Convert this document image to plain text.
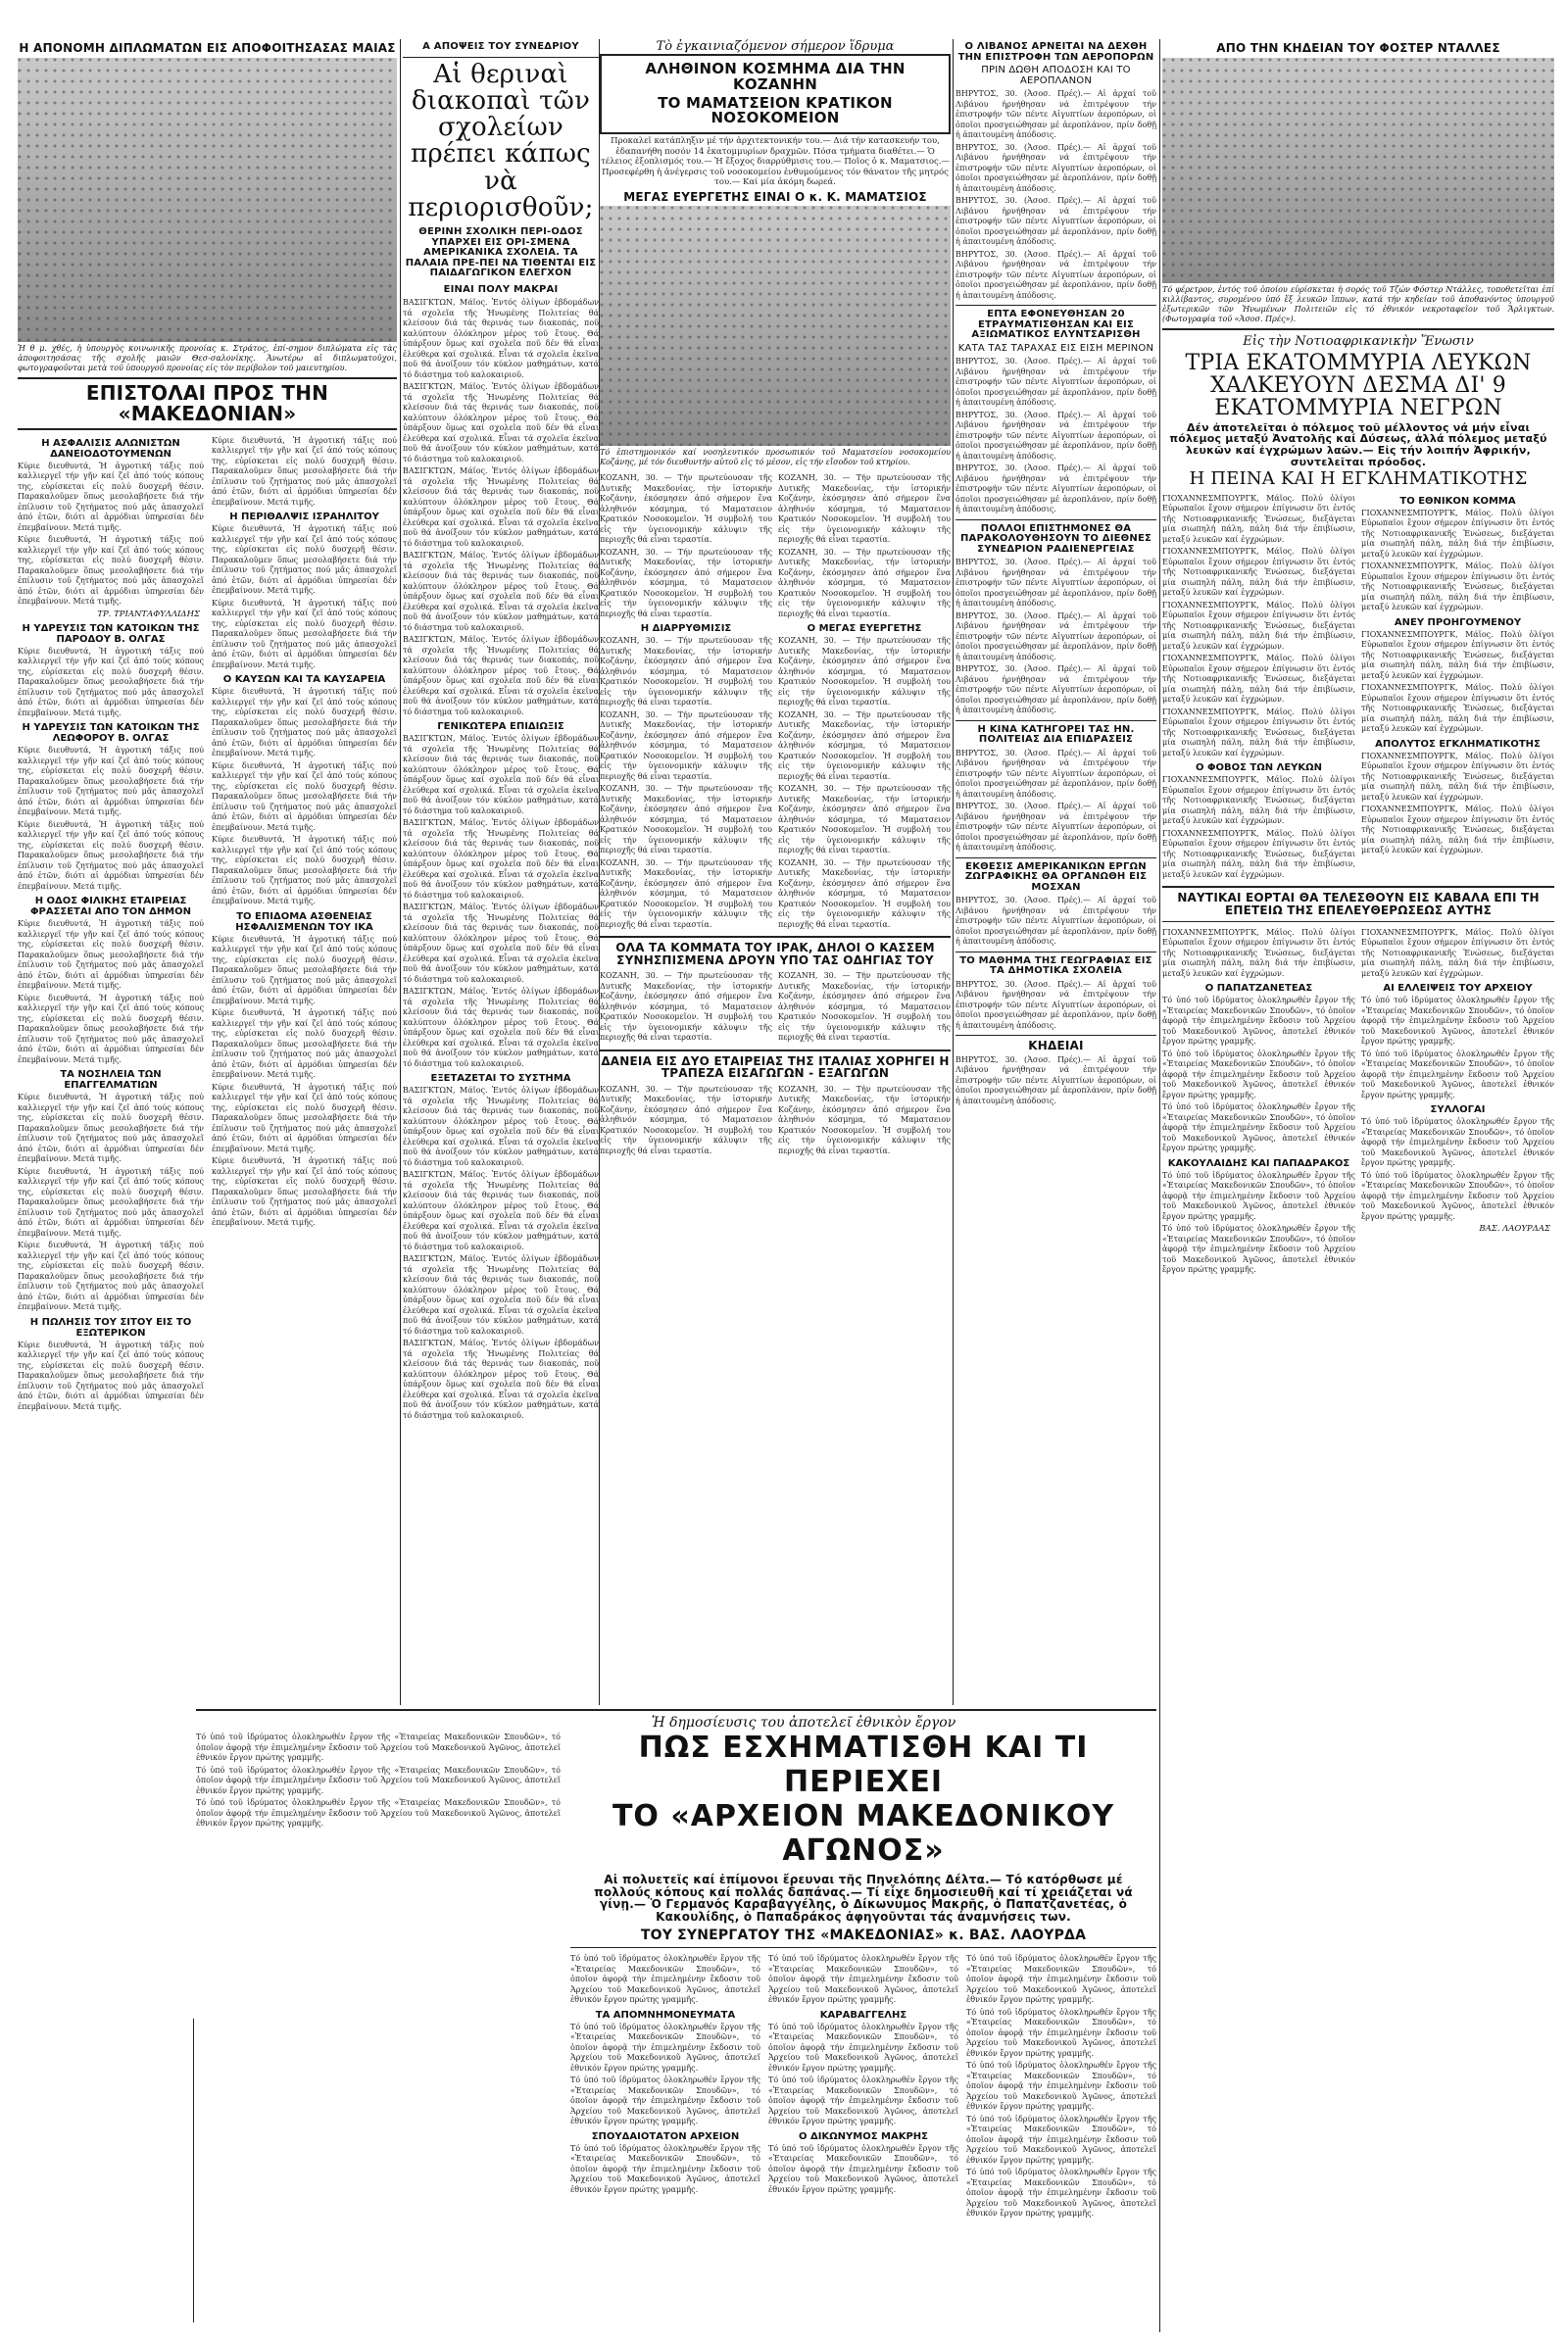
Η ΑΠΟΝΟΜΗ ΔΙΠΛΩΜΑΤΩΝ ΕΙΣ ΑΠΟΦΟΙΤΗΣΑΣΑΣ ΜΑΙΑΣ
Ἡ θ μ. χθές, ἡ ὑπουργὸς κοινωνικῆς προνοίας κ. Στράτος, ἐπί-σημον διπλώματα εἰς τὰς ἀποφοιτησάσας τῆς σχολῆς μαιῶν Θεσ-σαλονίκης. Ἀνωτέρω αἱ διπλωματοῦχοι, φωτογραφοῦνται μετὰ τοῦ ὑπουργοῦ προνοίας εἰς τὸν περίβολον τοῦ μαιευτηρίου.
ΕΠΙΣΤΟΛΑΙ ΠΡΟΣ ΤΗΝ «ΜΑΚΕΔΟΝΙΑΝ»
Η ΑΣΦΑΛΙΣΙΣ ΑΛΩΝΙΣΤΩΝ ΔΑΝΕΙΟΔΟΤΟΥΜΕΝΩΝ
Κύριε διευθυντά, Ἡ ἀγροτική τάξις πού καλλιεργεῖ τήν γῆν καί ζεῖ ἀπό τούς κόπους της, εὐρίσκεται εἰς πολύ δυσχερῆ θέσιν. Παρακαλοῦμεν ὅπως μεσολαβήσετε διά τήν ἐπίλυσιν τοῦ ζητήματος πού μᾶς ἀπασχολεῖ ἀπό ἐτῶν, διότι αἱ ἁρμόδιαι ὑπηρεσίαι δέν ἐπεμβαίνουν. Μετά τιμῆς.
Κύριε διευθυντά, Ἡ ἀγροτική τάξις πού καλλιεργεῖ τήν γῆν καί ζεῖ ἀπό τούς κόπους της, εὐρίσκεται εἰς πολύ δυσχερῆ θέσιν. Παρακαλοῦμεν ὅπως μεσολαβήσετε διά τήν ἐπίλυσιν τοῦ ζητήματος πού μᾶς ἀπασχολεῖ ἀπό ἐτῶν, διότι αἱ ἁρμόδιαι ὑπηρεσίαι δέν ἐπεμβαίνουν. Μετά τιμῆς.
ΤΡ. ΤΡΙΑΝΤΑΦΥΛΛΙΔΗΣ
Η ΥΔΡΕΥΣΙΣ ΤΩΝ ΚΑΤΟΙΚΩΝ ΤΗΣ ΠΑΡΟΔΟΥ Β. ΟΛΓΑΣ
Κύριε διευθυντά, Ἡ ἀγροτική τάξις πού καλλιεργεῖ τήν γῆν καί ζεῖ ἀπό τούς κόπους της, εὐρίσκεται εἰς πολύ δυσχερῆ θέσιν. Παρακαλοῦμεν ὅπως μεσολαβήσετε διά τήν ἐπίλυσιν τοῦ ζητήματος πού μᾶς ἀπασχολεῖ ἀπό ἐτῶν, διότι αἱ ἁρμόδιαι ὑπηρεσίαι δέν ἐπεμβαίνουν. Μετά τιμῆς.
Η ΥΔΡΕΥΣΙΣ ΤΩΝ ΚΑΤΟΙΚΩΝ ΤΗΣ ΛΕΩΦΟΡΟΥ Β. ΟΛΓΑΣ
Κύριε διευθυντά, Ἡ ἀγροτική τάξις πού καλλιεργεῖ τήν γῆν καί ζεῖ ἀπό τούς κόπους της, εὐρίσκεται εἰς πολύ δυσχερῆ θέσιν. Παρακαλοῦμεν ὅπως μεσολαβήσετε διά τήν ἐπίλυσιν τοῦ ζητήματος πού μᾶς ἀπασχολεῖ ἀπό ἐτῶν, διότι αἱ ἁρμόδιαι ὑπηρεσίαι δέν ἐπεμβαίνουν. Μετά τιμῆς.
Κύριε διευθυντά, Ἡ ἀγροτική τάξις πού καλλιεργεῖ τήν γῆν καί ζεῖ ἀπό τούς κόπους της, εὐρίσκεται εἰς πολύ δυσχερῆ θέσιν. Παρακαλοῦμεν ὅπως μεσολαβήσετε διά τήν ἐπίλυσιν τοῦ ζητήματος πού μᾶς ἀπασχολεῖ ἀπό ἐτῶν, διότι αἱ ἁρμόδιαι ὑπηρεσίαι δέν ἐπεμβαίνουν. Μετά τιμῆς.
Η ΟΔΟΣ ΦΙΛΙΚΗΣ ΕΤΑΙΡΕΙΑΣ ΦΡΑΣΣΕΤΑΙ ΑΠΟ ΤΟΝ ΔΗΜΟΝ
Κύριε διευθυντά, Ἡ ἀγροτική τάξις πού καλλιεργεῖ τήν γῆν καί ζεῖ ἀπό τούς κόπους της, εὐρίσκεται εἰς πολύ δυσχερῆ θέσιν. Παρακαλοῦμεν ὅπως μεσολαβήσετε διά τήν ἐπίλυσιν τοῦ ζητήματος πού μᾶς ἀπασχολεῖ ἀπό ἐτῶν, διότι αἱ ἁρμόδιαι ὑπηρεσίαι δέν ἐπεμβαίνουν. Μετά τιμῆς.
Κύριε διευθυντά, Ἡ ἀγροτική τάξις πού καλλιεργεῖ τήν γῆν καί ζεῖ ἀπό τούς κόπους της, εὐρίσκεται εἰς πολύ δυσχερῆ θέσιν. Παρακαλοῦμεν ὅπως μεσολαβήσετε διά τήν ἐπίλυσιν τοῦ ζητήματος πού μᾶς ἀπασχολεῖ ἀπό ἐτῶν, διότι αἱ ἁρμόδιαι ὑπηρεσίαι δέν ἐπεμβαίνουν. Μετά τιμῆς.
ΤΑ ΝΟΣΗΛΕΙΑ ΤΩΝ ΕΠΑΓΓΕΛΜΑΤΙΩΝ
Κύριε διευθυντά, Ἡ ἀγροτική τάξις πού καλλιεργεῖ τήν γῆν καί ζεῖ ἀπό τούς κόπους της, εὐρίσκεται εἰς πολύ δυσχερῆ θέσιν. Παρακαλοῦμεν ὅπως μεσολαβήσετε διά τήν ἐπίλυσιν τοῦ ζητήματος πού μᾶς ἀπασχολεῖ ἀπό ἐτῶν, διότι αἱ ἁρμόδιαι ὑπηρεσίαι δέν ἐπεμβαίνουν. Μετά τιμῆς.
Κύριε διευθυντά, Ἡ ἀγροτική τάξις πού καλλιεργεῖ τήν γῆν καί ζεῖ ἀπό τούς κόπους της, εὐρίσκεται εἰς πολύ δυσχερῆ θέσιν. Παρακαλοῦμεν ὅπως μεσολαβήσετε διά τήν ἐπίλυσιν τοῦ ζητήματος πού μᾶς ἀπασχολεῖ ἀπό ἐτῶν, διότι αἱ ἁρμόδιαι ὑπηρεσίαι δέν ἐπεμβαίνουν. Μετά τιμῆς.
Κύριε διευθυντά, Ἡ ἀγροτική τάξις πού καλλιεργεῖ τήν γῆν καί ζεῖ ἀπό τούς κόπους της, εὐρίσκεται εἰς πολύ δυσχερῆ θέσιν. Παρακαλοῦμεν ὅπως μεσολαβήσετε διά τήν ἐπίλυσιν τοῦ ζητήματος πού μᾶς ἀπασχολεῖ ἀπό ἐτῶν, διότι αἱ ἁρμόδιαι ὑπηρεσίαι δέν ἐπεμβαίνουν. Μετά τιμῆς.
Η ΠΩΛΗΣΙΣ ΤΟΥ ΣΙΤΟΥ ΕΙΣ ΤΟ ΕΞΩΤΕΡΙΚΟΝ
Κύριε διευθυντά, Ἡ ἀγροτική τάξις πού καλλιεργεῖ τήν γῆν καί ζεῖ ἀπό τούς κόπους της, εὐρίσκεται εἰς πολύ δυσχερῆ θέσιν. Παρακαλοῦμεν ὅπως μεσολαβήσετε διά τήν ἐπίλυσιν τοῦ ζητήματος πού μᾶς ἀπασχολεῖ ἀπό ἐτῶν, διότι αἱ ἁρμόδιαι ὑπηρεσίαι δέν ἐπεμβαίνουν. Μετά τιμῆς.
Κύριε διευθυντά, Ἡ ἀγροτική τάξις πού καλλιεργεῖ τήν γῆν καί ζεῖ ἀπό τούς κόπους της, εὐρίσκεται εἰς πολύ δυσχερῆ θέσιν. Παρακαλοῦμεν ὅπως μεσολαβήσετε διά τήν ἐπίλυσιν τοῦ ζητήματος πού μᾶς ἀπασχολεῖ ἀπό ἐτῶν, διότι αἱ ἁρμόδιαι ὑπηρεσίαι δέν ἐπεμβαίνουν. Μετά τιμῆς.
Η ΠΕΡΙΘΑΛΨΙΣ ΙΣΡΑΗΛΙΤΟΥ
Κύριε διευθυντά, Ἡ ἀγροτική τάξις πού καλλιεργεῖ τήν γῆν καί ζεῖ ἀπό τούς κόπους της, εὐρίσκεται εἰς πολύ δυσχερῆ θέσιν. Παρακαλοῦμεν ὅπως μεσολαβήσετε διά τήν ἐπίλυσιν τοῦ ζητήματος πού μᾶς ἀπασχολεῖ ἀπό ἐτῶν, διότι αἱ ἁρμόδιαι ὑπηρεσίαι δέν ἐπεμβαίνουν. Μετά τιμῆς.
Κύριε διευθυντά, Ἡ ἀγροτική τάξις πού καλλιεργεῖ τήν γῆν καί ζεῖ ἀπό τούς κόπους της, εὐρίσκεται εἰς πολύ δυσχερῆ θέσιν. Παρακαλοῦμεν ὅπως μεσολαβήσετε διά τήν ἐπίλυσιν τοῦ ζητήματος πού μᾶς ἀπασχολεῖ ἀπό ἐτῶν, διότι αἱ ἁρμόδιαι ὑπηρεσίαι δέν ἐπεμβαίνουν. Μετά τιμῆς.
Ο ΚΑΥΣΩΝ ΚΑΙ ΤΑ ΚΑΥΣΑΡΕΙΑ
Κύριε διευθυντά, Ἡ ἀγροτική τάξις πού καλλιεργεῖ τήν γῆν καί ζεῖ ἀπό τούς κόπους της, εὐρίσκεται εἰς πολύ δυσχερῆ θέσιν. Παρακαλοῦμεν ὅπως μεσολαβήσετε διά τήν ἐπίλυσιν τοῦ ζητήματος πού μᾶς ἀπασχολεῖ ἀπό ἐτῶν, διότι αἱ ἁρμόδιαι ὑπηρεσίαι δέν ἐπεμβαίνουν. Μετά τιμῆς.
Κύριε διευθυντά, Ἡ ἀγροτική τάξις πού καλλιεργεῖ τήν γῆν καί ζεῖ ἀπό τούς κόπους της, εὐρίσκεται εἰς πολύ δυσχερῆ θέσιν. Παρακαλοῦμεν ὅπως μεσολαβήσετε διά τήν ἐπίλυσιν τοῦ ζητήματος πού μᾶς ἀπασχολεῖ ἀπό ἐτῶν, διότι αἱ ἁρμόδιαι ὑπηρεσίαι δέν ἐπεμβαίνουν. Μετά τιμῆς.
Κύριε διευθυντά, Ἡ ἀγροτική τάξις πού καλλιεργεῖ τήν γῆν καί ζεῖ ἀπό τούς κόπους της, εὐρίσκεται εἰς πολύ δυσχερῆ θέσιν. Παρακαλοῦμεν ὅπως μεσολαβήσετε διά τήν ἐπίλυσιν τοῦ ζητήματος πού μᾶς ἀπασχολεῖ ἀπό ἐτῶν, διότι αἱ ἁρμόδιαι ὑπηρεσίαι δέν ἐπεμβαίνουν. Μετά τιμῆς.
ΤΟ ΕΠΙΔΟΜΑ ΑΣΘΕΝΕΙΑΣ ΗΣΦΑΛΙΣΜΕΝΩΝ ΤΟΥ ΙΚΑ
Κύριε διευθυντά, Ἡ ἀγροτική τάξις πού καλλιεργεῖ τήν γῆν καί ζεῖ ἀπό τούς κόπους της, εὐρίσκεται εἰς πολύ δυσχερῆ θέσιν. Παρακαλοῦμεν ὅπως μεσολαβήσετε διά τήν ἐπίλυσιν τοῦ ζητήματος πού μᾶς ἀπασχολεῖ ἀπό ἐτῶν, διότι αἱ ἁρμόδιαι ὑπηρεσίαι δέν ἐπεμβαίνουν. Μετά τιμῆς.
Κύριε διευθυντά, Ἡ ἀγροτική τάξις πού καλλιεργεῖ τήν γῆν καί ζεῖ ἀπό τούς κόπους της, εὐρίσκεται εἰς πολύ δυσχερῆ θέσιν. Παρακαλοῦμεν ὅπως μεσολαβήσετε διά τήν ἐπίλυσιν τοῦ ζητήματος πού μᾶς ἀπασχολεῖ ἀπό ἐτῶν, διότι αἱ ἁρμόδιαι ὑπηρεσίαι δέν ἐπεμβαίνουν. Μετά τιμῆς.
Κύριε διευθυντά, Ἡ ἀγροτική τάξις πού καλλιεργεῖ τήν γῆν καί ζεῖ ἀπό τούς κόπους της, εὐρίσκεται εἰς πολύ δυσχερῆ θέσιν. Παρακαλοῦμεν ὅπως μεσολαβήσετε διά τήν ἐπίλυσιν τοῦ ζητήματος πού μᾶς ἀπασχολεῖ ἀπό ἐτῶν, διότι αἱ ἁρμόδιαι ὑπηρεσίαι δέν ἐπεμβαίνουν. Μετά τιμῆς.
Κύριε διευθυντά, Ἡ ἀγροτική τάξις πού καλλιεργεῖ τήν γῆν καί ζεῖ ἀπό τούς κόπους της, εὐρίσκεται εἰς πολύ δυσχερῆ θέσιν. Παρακαλοῦμεν ὅπως μεσολαβήσετε διά τήν ἐπίλυσιν τοῦ ζητήματος πού μᾶς ἀπασχολεῖ ἀπό ἐτῶν, διότι αἱ ἁρμόδιαι ὑπηρεσίαι δέν ἐπεμβαίνουν. Μετά τιμῆς.
Α ΑΠΟΨΕΙΣ ΤΟΥ ΣΥΝΕΔΡΙΟΥ
Αἱ θεριναὶ διακοπαὶ τῶν σχολείων πρέπει κάπως νὰ περιορισθοῦν;
ΘΕΡΙΝΗ ΣΧΟΛΙΚΗ ΠΕΡΙ-ΟΔΟΣ ΥΠΑΡΧΕΙ ΕΙΣ ΟΡΙ-ΣΜΕΝΑ ΑΜΕΡΙΚΑΝΙΚΑ ΣΧΟΛΕΙΑ. ΤΑ ΠΑΛΑΙΑ ΠΡΕ-ΠΕΙ ΝΑ ΤΙΘΕΝΤΑΙ ΕΙΣ ΠΑΙΔΑΓΩΓΙΚΟΝ ΕΛΕΓΧΟΝ
ΕΙΝΑΙ ΠΟΛΥ ΜΑΚΡΑΙ
ΒΑΣΙΓΚΤΩΝ, Μάϊος. Ἐντός ὀλίγων ἑβδομάδων τά σχολεῖα τῆς Ἡνωμένης Πολιτείας θά κλείσουν διά τάς θερινάς των διακοπάς, ποῦ καλύπτουν ὀλόκληρον μέρος τοῦ ἔτους. Θά ὑπάρξουν ὅμως καί σχολεῖα ποῦ δέν θά εἶναι ἐλεύθερα καί σχολικά. Εἶναι τά σχολεῖα ἐκεῖνα ποῦ θά ἀνοίξουν τόν κύκλον μαθημάτων, κατά τό διάστημα τοῦ καλοκαιριοῦ.
ΒΑΣΙΓΚΤΩΝ, Μάϊος. Ἐντός ὀλίγων ἑβδομάδων τά σχολεῖα τῆς Ἡνωμένης Πολιτείας θά κλείσουν διά τάς θερινάς των διακοπάς, ποῦ καλύπτουν ὀλόκληρον μέρος τοῦ ἔτους. Θά ὑπάρξουν ὅμως καί σχολεῖα ποῦ δέν θά εἶναι ἐλεύθερα καί σχολικά. Εἶναι τά σχολεῖα ἐκεῖνα ποῦ θά ἀνοίξουν τόν κύκλον μαθημάτων, κατά τό διάστημα τοῦ καλοκαιριοῦ.
ΒΑΣΙΓΚΤΩΝ, Μάϊος. Ἐντός ὀλίγων ἑβδομάδων τά σχολεῖα τῆς Ἡνωμένης Πολιτείας θά κλείσουν διά τάς θερινάς των διακοπάς, ποῦ καλύπτουν ὀλόκληρον μέρος τοῦ ἔτους. Θά ὑπάρξουν ὅμως καί σχολεῖα ποῦ δέν θά εἶναι ἐλεύθερα καί σχολικά. Εἶναι τά σχολεῖα ἐκεῖνα ποῦ θά ἀνοίξουν τόν κύκλον μαθημάτων, κατά τό διάστημα τοῦ καλοκαιριοῦ.
ΒΑΣΙΓΚΤΩΝ, Μάϊος. Ἐντός ὀλίγων ἑβδομάδων τά σχολεῖα τῆς Ἡνωμένης Πολιτείας θά κλείσουν διά τάς θερινάς των διακοπάς, ποῦ καλύπτουν ὀλόκληρον μέρος τοῦ ἔτους. Θά ὑπάρξουν ὅμως καί σχολεῖα ποῦ δέν θά εἶναι ἐλεύθερα καί σχολικά. Εἶναι τά σχολεῖα ἐκεῖνα ποῦ θά ἀνοίξουν τόν κύκλον μαθημάτων, κατά τό διάστημα τοῦ καλοκαιριοῦ.
ΒΑΣΙΓΚΤΩΝ, Μάϊος. Ἐντός ὀλίγων ἑβδομάδων τά σχολεῖα τῆς Ἡνωμένης Πολιτείας θά κλείσουν διά τάς θερινάς των διακοπάς, ποῦ καλύπτουν ὀλόκληρον μέρος τοῦ ἔτους. Θά ὑπάρξουν ὅμως καί σχολεῖα ποῦ δέν θά εἶναι ἐλεύθερα καί σχολικά. Εἶναι τά σχολεῖα ἐκεῖνα ποῦ θά ἀνοίξουν τόν κύκλον μαθημάτων, κατά τό διάστημα τοῦ καλοκαιριοῦ.
ΓΕΝΙΚΩΤΕΡΑ ΕΠΙΔΙΩΞΙΣ
ΒΑΣΙΓΚΤΩΝ, Μάϊος. Ἐντός ὀλίγων ἑβδομάδων τά σχολεῖα τῆς Ἡνωμένης Πολιτείας θά κλείσουν διά τάς θερινάς των διακοπάς, ποῦ καλύπτουν ὀλόκληρον μέρος τοῦ ἔτους. Θά ὑπάρξουν ὅμως καί σχολεῖα ποῦ δέν θά εἶναι ἐλεύθερα καί σχολικά. Εἶναι τά σχολεῖα ἐκεῖνα ποῦ θά ἀνοίξουν τόν κύκλον μαθημάτων, κατά τό διάστημα τοῦ καλοκαιριοῦ.
ΒΑΣΙΓΚΤΩΝ, Μάϊος. Ἐντός ὀλίγων ἑβδομάδων τά σχολεῖα τῆς Ἡνωμένης Πολιτείας θά κλείσουν διά τάς θερινάς των διακοπάς, ποῦ καλύπτουν ὀλόκληρον μέρος τοῦ ἔτους. Θά ὑπάρξουν ὅμως καί σχολεῖα ποῦ δέν θά εἶναι ἐλεύθερα καί σχολικά. Εἶναι τά σχολεῖα ἐκεῖνα ποῦ θά ἀνοίξουν τόν κύκλον μαθημάτων, κατά τό διάστημα τοῦ καλοκαιριοῦ.
ΒΑΣΙΓΚΤΩΝ, Μάϊος. Ἐντός ὀλίγων ἑβδομάδων τά σχολεῖα τῆς Ἡνωμένης Πολιτείας θά κλείσουν διά τάς θερινάς των διακοπάς, ποῦ καλύπτουν ὀλόκληρον μέρος τοῦ ἔτους. Θά ὑπάρξουν ὅμως καί σχολεῖα ποῦ δέν θά εἶναι ἐλεύθερα καί σχολικά. Εἶναι τά σχολεῖα ἐκεῖνα ποῦ θά ἀνοίξουν τόν κύκλον μαθημάτων, κατά τό διάστημα τοῦ καλοκαιριοῦ.
ΒΑΣΙΓΚΤΩΝ, Μάϊος. Ἐντός ὀλίγων ἑβδομάδων τά σχολεῖα τῆς Ἡνωμένης Πολιτείας θά κλείσουν διά τάς θερινάς των διακοπάς, ποῦ καλύπτουν ὀλόκληρον μέρος τοῦ ἔτους. Θά ὑπάρξουν ὅμως καί σχολεῖα ποῦ δέν θά εἶναι ἐλεύθερα καί σχολικά. Εἶναι τά σχολεῖα ἐκεῖνα ποῦ θά ἀνοίξουν τόν κύκλον μαθημάτων, κατά τό διάστημα τοῦ καλοκαιριοῦ.
ΕΞΕΤΑΖΕΤΑΙ ΤΟ ΣΥΣΤΗΜΑ
ΒΑΣΙΓΚΤΩΝ, Μάϊος. Ἐντός ὀλίγων ἑβδομάδων τά σχολεῖα τῆς Ἡνωμένης Πολιτείας θά κλείσουν διά τάς θερινάς των διακοπάς, ποῦ καλύπτουν ὀλόκληρον μέρος τοῦ ἔτους. Θά ὑπάρξουν ὅμως καί σχολεῖα ποῦ δέν θά εἶναι ἐλεύθερα καί σχολικά. Εἶναι τά σχολεῖα ἐκεῖνα ποῦ θά ἀνοίξουν τόν κύκλον μαθημάτων, κατά τό διάστημα τοῦ καλοκαιριοῦ.
ΒΑΣΙΓΚΤΩΝ, Μάϊος. Ἐντός ὀλίγων ἑβδομάδων τά σχολεῖα τῆς Ἡνωμένης Πολιτείας θά κλείσουν διά τάς θερινάς των διακοπάς, ποῦ καλύπτουν ὀλόκληρον μέρος τοῦ ἔτους. Θά ὑπάρξουν ὅμως καί σχολεῖα ποῦ δέν θά εἶναι ἐλεύθερα καί σχολικά. Εἶναι τά σχολεῖα ἐκεῖνα ποῦ θά ἀνοίξουν τόν κύκλον μαθημάτων, κατά τό διάστημα τοῦ καλοκαιριοῦ.
ΒΑΣΙΓΚΤΩΝ, Μάϊος. Ἐντός ὀλίγων ἑβδομάδων τά σχολεῖα τῆς Ἡνωμένης Πολιτείας θά κλείσουν διά τάς θερινάς των διακοπάς, ποῦ καλύπτουν ὀλόκληρον μέρος τοῦ ἔτους. Θά ὑπάρξουν ὅμως καί σχολεῖα ποῦ δέν θά εἶναι ἐλεύθερα καί σχολικά. Εἶναι τά σχολεῖα ἐκεῖνα ποῦ θά ἀνοίξουν τόν κύκλον μαθημάτων, κατά τό διάστημα τοῦ καλοκαιριοῦ.
ΒΑΣΙΓΚΤΩΝ, Μάϊος. Ἐντός ὀλίγων ἑβδομάδων τά σχολεῖα τῆς Ἡνωμένης Πολιτείας θά κλείσουν διά τάς θερινάς των διακοπάς, ποῦ καλύπτουν ὀλόκληρον μέρος τοῦ ἔτους. Θά ὑπάρξουν ὅμως καί σχολεῖα ποῦ δέν θά εἶναι ἐλεύθερα καί σχολικά. Εἶναι τά σχολεῖα ἐκεῖνα ποῦ θά ἀνοίξουν τόν κύκλον μαθημάτων, κατά τό διάστημα τοῦ καλοκαιριοῦ.
Τὸ ἐγκαινιαζόμενον σήμερον ἵδρυμα
ΑΛΗΘΙΝΟΝ ΚΟΣΜΗΜΑ ΔΙΑ ΤΗΝ ΚΟΖΑΝΗΝ
ΤΟ ΜΑΜΑΤΣΕΙΟΝ ΚΡΑΤΙΚΟΝ ΝΟΣΟΚΟΜΕΙΟΝ
Προκαλεῖ κατάπληξιν μέ τήν ἀρχιτεκτονικήν του.— Διά τήν κατασκευήν του, ἐδαπανήθη ποσόν 14 ἑκατομμυρίων δραχμῶν. Πόσα τμήματα διαθέτει.— Ὁ τέλειος ἐξοπλισμός του.— Ἡ ἔξοχος διαρρύθμισις του.— Ποῖος ὁ κ. Μαματσιος.— Προσεφέρθη ἡ ἀνέγερσις τοῦ νοσοκομείου ἐνθυμούμενος τόν θάνατον τῆς μητρός του.— Καί μία ἀκόμη δωρεά.
ΜΕΓΑΣ ΕΥΕΡΓΕΤΗΣ ΕΙΝΑΙ Ο κ. Κ. ΜΑΜΑΤΣΙΟΣ
Τό ἐπιστημονικόν καί νοσηλευτικόν προσωπικόν τοῦ Μαματσείου νοσοκομείου Κοζάνης, μέ τόν διευθυντήν αὐτοῦ εἰς τό μέσον, εἰς τήν εἴσοδον τοῦ κτηρίου.
ΚΟΖΑΝΗ, 30. — Τήν πρωτεύουσαν τῆς Δυτικῆς Μακεδονίας, τήν ἱστορικήν Κοζάνην, ἐκόσμησεν ἀπό σήμερον ἕνα ἀληθινόν κόσμημα, τό Μαματσειον Κρατικόν Νοσοκομεῖον. Ἡ συμβολή του εἰς τήν ὑγειονομικήν κάλυψιν τῆς περιοχῆς θά εἶναι τεραστία.
ΚΟΖΑΝΗ, 30. — Τήν πρωτεύουσαν τῆς Δυτικῆς Μακεδονίας, τήν ἱστορικήν Κοζάνην, ἐκόσμησεν ἀπό σήμερον ἕνα ἀληθινόν κόσμημα, τό Μαματσειον Κρατικόν Νοσοκομεῖον. Ἡ συμβολή του εἰς τήν ὑγειονομικήν κάλυψιν τῆς περιοχῆς θά εἶναι τεραστία.
Η ΔΙΑΡΡΥΘΜΙΣΙΣ
ΚΟΖΑΝΗ, 30. — Τήν πρωτεύουσαν τῆς Δυτικῆς Μακεδονίας, τήν ἱστορικήν Κοζάνην, ἐκόσμησεν ἀπό σήμερον ἕνα ἀληθινόν κόσμημα, τό Μαματσειον Κρατικόν Νοσοκομεῖον. Ἡ συμβολή του εἰς τήν ὑγειονομικήν κάλυψιν τῆς περιοχῆς θά εἶναι τεραστία.
ΚΟΖΑΝΗ, 30. — Τήν πρωτεύουσαν τῆς Δυτικῆς Μακεδονίας, τήν ἱστορικήν Κοζάνην, ἐκόσμησεν ἀπό σήμερον ἕνα ἀληθινόν κόσμημα, τό Μαματσειον Κρατικόν Νοσοκομεῖον. Ἡ συμβολή του εἰς τήν ὑγειονομικήν κάλυψιν τῆς περιοχῆς θά εἶναι τεραστία.
ΚΟΖΑΝΗ, 30. — Τήν πρωτεύουσαν τῆς Δυτικῆς Μακεδονίας, τήν ἱστορικήν Κοζάνην, ἐκόσμησεν ἀπό σήμερον ἕνα ἀληθινόν κόσμημα, τό Μαματσειον Κρατικόν Νοσοκομεῖον. Ἡ συμβολή του εἰς τήν ὑγειονομικήν κάλυψιν τῆς περιοχῆς θά εἶναι τεραστία.
ΚΟΖΑΝΗ, 30. — Τήν πρωτεύουσαν τῆς Δυτικῆς Μακεδονίας, τήν ἱστορικήν Κοζάνην, ἐκόσμησεν ἀπό σήμερον ἕνα ἀληθινόν κόσμημα, τό Μαματσειον Κρατικόν Νοσοκομεῖον. Ἡ συμβολή του εἰς τήν ὑγειονομικήν κάλυψιν τῆς περιοχῆς θά εἶναι τεραστία.
ΚΟΖΑΝΗ, 30. — Τήν πρωτεύουσαν τῆς Δυτικῆς Μακεδονίας, τήν ἱστορικήν Κοζάνην, ἐκόσμησεν ἀπό σήμερον ἕνα ἀληθινόν κόσμημα, τό Μαματσειον Κρατικόν Νοσοκομεῖον. Ἡ συμβολή του εἰς τήν ὑγειονομικήν κάλυψιν τῆς περιοχῆς θά εἶναι τεραστία.
ΚΟΖΑΝΗ, 30. — Τήν πρωτεύουσαν τῆς Δυτικῆς Μακεδονίας, τήν ἱστορικήν Κοζάνην, ἐκόσμησεν ἀπό σήμερον ἕνα ἀληθινόν κόσμημα, τό Μαματσειον Κρατικόν Νοσοκομεῖον. Ἡ συμβολή του εἰς τήν ὑγειονομικήν κάλυψιν τῆς περιοχῆς θά εἶναι τεραστία.
Ο ΜΕΓΑΣ ΕΥΕΡΓΕΤΗΣ
ΚΟΖΑΝΗ, 30. — Τήν πρωτεύουσαν τῆς Δυτικῆς Μακεδονίας, τήν ἱστορικήν Κοζάνην, ἐκόσμησεν ἀπό σήμερον ἕνα ἀληθινόν κόσμημα, τό Μαματσειον Κρατικόν Νοσοκομεῖον. Ἡ συμβολή του εἰς τήν ὑγειονομικήν κάλυψιν τῆς περιοχῆς θά εἶναι τεραστία.
ΚΟΖΑΝΗ, 30. — Τήν πρωτεύουσαν τῆς Δυτικῆς Μακεδονίας, τήν ἱστορικήν Κοζάνην, ἐκόσμησεν ἀπό σήμερον ἕνα ἀληθινόν κόσμημα, τό Μαματσειον Κρατικόν Νοσοκομεῖον. Ἡ συμβολή του εἰς τήν ὑγειονομικήν κάλυψιν τῆς περιοχῆς θά εἶναι τεραστία.
ΚΟΖΑΝΗ, 30. — Τήν πρωτεύουσαν τῆς Δυτικῆς Μακεδονίας, τήν ἱστορικήν Κοζάνην, ἐκόσμησεν ἀπό σήμερον ἕνα ἀληθινόν κόσμημα, τό Μαματσειον Κρατικόν Νοσοκομεῖον. Ἡ συμβολή του εἰς τήν ὑγειονομικήν κάλυψιν τῆς περιοχῆς θά εἶναι τεραστία.
ΚΟΖΑΝΗ, 30. — Τήν πρωτεύουσαν τῆς Δυτικῆς Μακεδονίας, τήν ἱστορικήν Κοζάνην, ἐκόσμησεν ἀπό σήμερον ἕνα ἀληθινόν κόσμημα, τό Μαματσειον Κρατικόν Νοσοκομεῖον. Ἡ συμβολή του εἰς τήν ὑγειονομικήν κάλυψιν τῆς περιοχῆς θά εἶναι τεραστία.
ΟΛΑ ΤΑ ΚΟΜΜΑΤΑ ΤΟΥ ΙΡΑΚ, ΔΗΛΟΙ Ο ΚΑΣΣΕΜ ΣΥΝΗΣΠΙΣΜΕΝΑ ΔΡΟΥΝ ΥΠΟ ΤΑΣ ΟΔΗΓΙΑΣ ΤΟΥ
ΚΟΖΑΝΗ, 30. — Τήν πρωτεύουσαν τῆς Δυτικῆς Μακεδονίας, τήν ἱστορικήν Κοζάνην, ἐκόσμησεν ἀπό σήμερον ἕνα ἀληθινόν κόσμημα, τό Μαματσειον Κρατικόν Νοσοκομεῖον. Ἡ συμβολή του εἰς τήν ὑγειονομικήν κάλυψιν τῆς περιοχῆς θά εἶναι τεραστία.
ΚΟΖΑΝΗ, 30. — Τήν πρωτεύουσαν τῆς Δυτικῆς Μακεδονίας, τήν ἱστορικήν Κοζάνην, ἐκόσμησεν ἀπό σήμερον ἕνα ἀληθινόν κόσμημα, τό Μαματσειον Κρατικόν Νοσοκομεῖον. Ἡ συμβολή του εἰς τήν ὑγειονομικήν κάλυψιν τῆς περιοχῆς θά εἶναι τεραστία.
ΔΑΝΕΙΑ ΕΙΣ ΔΥΟ ΕΤΑΙΡΕΙΑΣ ΤΗΣ ΙΤΑΛΙΑΣ ΧΟΡΗΓΕΙ Η ΤΡΑΠΕΖΑ ΕΙΣΑΓΩΓΩΝ - ΕΞΑΓΩΓΩΝ
ΚΟΖΑΝΗ, 30. — Τήν πρωτεύουσαν τῆς Δυτικῆς Μακεδονίας, τήν ἱστορικήν Κοζάνην, ἐκόσμησεν ἀπό σήμερον ἕνα ἀληθινόν κόσμημα, τό Μαματσειον Κρατικόν Νοσοκομεῖον. Ἡ συμβολή του εἰς τήν ὑγειονομικήν κάλυψιν τῆς περιοχῆς θά εἶναι τεραστία.
ΚΟΖΑΝΗ, 30. — Τήν πρωτεύουσαν τῆς Δυτικῆς Μακεδονίας, τήν ἱστορικήν Κοζάνην, ἐκόσμησεν ἀπό σήμερον ἕνα ἀληθινόν κόσμημα, τό Μαματσειον Κρατικόν Νοσοκομεῖον. Ἡ συμβολή του εἰς τήν ὑγειονομικήν κάλυψιν τῆς περιοχῆς θά εἶναι τεραστία.
Ο ΛΙΒΑΝΟΣ ΑΡΝΕΙΤΑΙ ΝΑ ΔΕΧΘΗ ΤΗΝ ΕΠΙΣΤΡΟΦΗ ΤΩΝ ΑΕΡΟΠΟΡΩΝ
ΠΡΙΝ ΔΩΘΗ ΑΠΟΔΟΣΗ ΚΑΙ ΤΟ ΑΕΡΟΠΛΑΝΟΝ
ΒΗΡΥΤΟΣ, 30. (Ἀσοσ. Πρές).— Αἱ ἀρχαί τοῦ Λιβάνου ἠρνήθησαν νά ἐπιτρέψουν τήν ἐπιστροφήν τῶν πέντε Αἰγυπτίων ἀεροπόρων, οἱ ὁποῖοι προσγειώθησαν μέ ἀεροπλάνον, πρίν δοθῇ ἡ ἀπαιτουμένη ἀπόδοσις.
ΒΗΡΥΤΟΣ, 30. (Ἀσοσ. Πρές).— Αἱ ἀρχαί τοῦ Λιβάνου ἠρνήθησαν νά ἐπιτρέψουν τήν ἐπιστροφήν τῶν πέντε Αἰγυπτίων ἀεροπόρων, οἱ ὁποῖοι προσγειώθησαν μέ ἀεροπλάνον, πρίν δοθῇ ἡ ἀπαιτουμένη ἀπόδοσις.
ΒΗΡΥΤΟΣ, 30. (Ἀσοσ. Πρές).— Αἱ ἀρχαί τοῦ Λιβάνου ἠρνήθησαν νά ἐπιτρέψουν τήν ἐπιστροφήν τῶν πέντε Αἰγυπτίων ἀεροπόρων, οἱ ὁποῖοι προσγειώθησαν μέ ἀεροπλάνον, πρίν δοθῇ ἡ ἀπαιτουμένη ἀπόδοσις.
ΒΗΡΥΤΟΣ, 30. (Ἀσοσ. Πρές).— Αἱ ἀρχαί τοῦ Λιβάνου ἠρνήθησαν νά ἐπιτρέψουν τήν ἐπιστροφήν τῶν πέντε Αἰγυπτίων ἀεροπόρων, οἱ ὁποῖοι προσγειώθησαν μέ ἀεροπλάνον, πρίν δοθῇ ἡ ἀπαιτουμένη ἀπόδοσις.
ΕΠΤΑ ΕΦΟΝΕΥΘΗΣΑΝ 20 ΕΤΡΑΥΜΑΤΙΣΘΗΣΑΝ ΚΑΙ ΕΙΣ ΑΞΙΩΜΑΤΙΚΟΣ ΕΛΥΝΤΣΑΡΙΣΘΗ
ΚΑΤΑ ΤΑΣ ΤΑΡΑΧΑΣ ΕΙΣ ΕΙΣΗ ΜΕΡΙΝΟΝ
ΒΗΡΥΤΟΣ, 30. (Ἀσοσ. Πρές).— Αἱ ἀρχαί τοῦ Λιβάνου ἠρνήθησαν νά ἐπιτρέψουν τήν ἐπιστροφήν τῶν πέντε Αἰγυπτίων ἀεροπόρων, οἱ ὁποῖοι προσγειώθησαν μέ ἀεροπλάνον, πρίν δοθῇ ἡ ἀπαιτουμένη ἀπόδοσις.
ΒΗΡΥΤΟΣ, 30. (Ἀσοσ. Πρές).— Αἱ ἀρχαί τοῦ Λιβάνου ἠρνήθησαν νά ἐπιτρέψουν τήν ἐπιστροφήν τῶν πέντε Αἰγυπτίων ἀεροπόρων, οἱ ὁποῖοι προσγειώθησαν μέ ἀεροπλάνον, πρίν δοθῇ ἡ ἀπαιτουμένη ἀπόδοσις.
ΒΗΡΥΤΟΣ, 30. (Ἀσοσ. Πρές).— Αἱ ἀρχαί τοῦ Λιβάνου ἠρνήθησαν νά ἐπιτρέψουν τήν ἐπιστροφήν τῶν πέντε Αἰγυπτίων ἀεροπόρων, οἱ ὁποῖοι προσγειώθησαν μέ ἀεροπλάνον, πρίν δοθῇ ἡ ἀπαιτουμένη ἀπόδοσις.
ΠΟΛΛΟΙ ΕΠΙΣΤΗΜΟΝΕΣ ΘΑ ΠΑΡΑΚΟΛΟΥΘΗΣΟΥΝ ΤΟ ΔΙΕΘΝΕΣ ΣΥΝΕΔΡΙΟΝ ΡΑΔΙΕΝΕΡΓΕΙΑΣ
ΒΗΡΥΤΟΣ, 30. (Ἀσοσ. Πρές).— Αἱ ἀρχαί τοῦ Λιβάνου ἠρνήθησαν νά ἐπιτρέψουν τήν ἐπιστροφήν τῶν πέντε Αἰγυπτίων ἀεροπόρων, οἱ ὁποῖοι προσγειώθησαν μέ ἀεροπλάνον, πρίν δοθῇ ἡ ἀπαιτουμένη ἀπόδοσις.
ΒΗΡΥΤΟΣ, 30. (Ἀσοσ. Πρές).— Αἱ ἀρχαί τοῦ Λιβάνου ἠρνήθησαν νά ἐπιτρέψουν τήν ἐπιστροφήν τῶν πέντε Αἰγυπτίων ἀεροπόρων, οἱ ὁποῖοι προσγειώθησαν μέ ἀεροπλάνον, πρίν δοθῇ ἡ ἀπαιτουμένη ἀπόδοσις.
ΒΗΡΥΤΟΣ, 30. (Ἀσοσ. Πρές).— Αἱ ἀρχαί τοῦ Λιβάνου ἠρνήθησαν νά ἐπιτρέψουν τήν ἐπιστροφήν τῶν πέντε Αἰγυπτίων ἀεροπόρων, οἱ ὁποῖοι προσγειώθησαν μέ ἀεροπλάνον, πρίν δοθῇ ἡ ἀπαιτουμένη ἀπόδοσις.
Η ΚΙΝΑ ΚΑΤΗΓΟΡΕΙ ΤΑΣ ΗΝ. ΠΟΛΙΤΕΙΑΣ ΔΙΑ ΕΠΙΔΡΑΣΕΙΣ
ΒΗΡΥΤΟΣ, 30. (Ἀσοσ. Πρές).— Αἱ ἀρχαί τοῦ Λιβάνου ἠρνήθησαν νά ἐπιτρέψουν τήν ἐπιστροφήν τῶν πέντε Αἰγυπτίων ἀεροπόρων, οἱ ὁποῖοι προσγειώθησαν μέ ἀεροπλάνον, πρίν δοθῇ ἡ ἀπαιτουμένη ἀπόδοσις.
ΒΗΡΥΤΟΣ, 30. (Ἀσοσ. Πρές).— Αἱ ἀρχαί τοῦ Λιβάνου ἠρνήθησαν νά ἐπιτρέψουν τήν ἐπιστροφήν τῶν πέντε Αἰγυπτίων ἀεροπόρων, οἱ ὁποῖοι προσγειώθησαν μέ ἀεροπλάνον, πρίν δοθῇ ἡ ἀπαιτουμένη ἀπόδοσις.
ΕΚΘΕΣΙΣ ΑΜΕΡΙΚΑΝΙΚΩΝ ΕΡΓΩΝ ΖΩΓΡΑΦΙΚΗΣ ΘΑ ΟΡΓΑΝΩΘΗ ΕΙΣ ΜΟΣΧΑΝ
ΒΗΡΥΤΟΣ, 30. (Ἀσοσ. Πρές).— Αἱ ἀρχαί τοῦ Λιβάνου ἠρνήθησαν νά ἐπιτρέψουν τήν ἐπιστροφήν τῶν πέντε Αἰγυπτίων ἀεροπόρων, οἱ ὁποῖοι προσγειώθησαν μέ ἀεροπλάνον, πρίν δοθῇ ἡ ἀπαιτουμένη ἀπόδοσις.
ΤΟ ΜΑΘΗΜΑ ΤΗΣ ΓΕΩΓΡΑΦΙΑΣ ΕΙΣ ΤΑ ΔΗΜΟΤΙΚΑ ΣΧΟΛΕΙΑ
ΒΗΡΥΤΟΣ, 30. (Ἀσοσ. Πρές).— Αἱ ἀρχαί τοῦ Λιβάνου ἠρνήθησαν νά ἐπιτρέψουν τήν ἐπιστροφήν τῶν πέντε Αἰγυπτίων ἀεροπόρων, οἱ ὁποῖοι προσγειώθησαν μέ ἀεροπλάνον, πρίν δοθῇ ἡ ἀπαιτουμένη ἀπόδοσις.
ΚΗΔΕΙΑΙ
ΒΗΡΥΤΟΣ, 30. (Ἀσοσ. Πρές).— Αἱ ἀρχαί τοῦ Λιβάνου ἠρνήθησαν νά ἐπιτρέψουν τήν ἐπιστροφήν τῶν πέντε Αἰγυπτίων ἀεροπόρων, οἱ ὁποῖοι προσγειώθησαν μέ ἀεροπλάνον, πρίν δοθῇ ἡ ἀπαιτουμένη ἀπόδοσις.
ΑΠΟ ΤΗΝ ΚΗΔΕΙΑΝ ΤΟΥ ΦΟΣΤΕΡ ΝΤΑΛΛΕΣ
Τό φέρετρον, ἐντός τοῦ ὁποίου εὑρίσκεται ἡ σορός τοῦ Τζών Φόστερ Ντάλλες, τοποθετεῖται ἐπί κιλλίβαντος, συρομένου ὑπό ἕξ λευκῶν ἵππων, κατά τήν κηδείαν τοῦ ἀποθανόντος ὑπουργοῦ ἐξωτερικῶν τῶν Ἡνωμένων Πολιτειῶν εἰς τό ἐθνικόν νεκροταφεῖον τοῦ Ἄρλιγκτων. (Φωτογραφία τοῦ «Ἀσοσ. Πρές»).
Εἰς τὴν Νοτιοαφρικανικὴν Ἕνωσιν
ΤΡΙΑ ΕΚΑΤΟΜΜΥΡΙΑ ΛΕΥΚΩΝ ΧΑΛΚΕΥΟΥΝ ΔΕΣΜΑ ΔΙ' 9 ΕΚΑΤΟΜΜΥΡΙΑ ΝΕΓΡΩΝ
Δέν ἀποτελεῖται ὁ πόλεμος τοῦ μέλλοντος νά μήν εἶναι πόλεμος μεταξύ Ἀνατολῆς καί Δύσεως, ἀλλά πόλεμος μεταξύ λευκῶν καί ἐγχρώμων λαῶν.— Εἰς τήν λοιπήν Ἀφρικήν, συντελεῖται πρόοδος.
Η ΠΕΙΝΑ ΚΑΙ Η ΕΓΚΛΗΜΑΤΙΚΟΤΗΣ
ΓΙΟΧΑΝΝΕΣΜΠΟΥΡΓΚ, Μάϊος. Πολύ ὀλίγοι Εὐρωπαῖοι ἔχουν σήμερον ἐπίγνωσιν ὅτι ἐντός τῆς Νοτιοαφρικανικῆς Ἑνώσεως, διεξάγεται μία σιωπηλή πάλη, πάλη διά τήν ἐπιβίωσιν, μεταξύ λευκῶν καί ἐγχρώμων.
ΓΙΟΧΑΝΝΕΣΜΠΟΥΡΓΚ, Μάϊος. Πολύ ὀλίγοι Εὐρωπαῖοι ἔχουν σήμερον ἐπίγνωσιν ὅτι ἐντός τῆς Νοτιοαφρικανικῆς Ἑνώσεως, διεξάγεται μία σιωπηλή πάλη, πάλη διά τήν ἐπιβίωσιν, μεταξύ λευκῶν καί ἐγχρώμων.
ΓΙΟΧΑΝΝΕΣΜΠΟΥΡΓΚ, Μάϊος. Πολύ ὀλίγοι Εὐρωπαῖοι ἔχουν σήμερον ἐπίγνωσιν ὅτι ἐντός τῆς Νοτιοαφρικανικῆς Ἑνώσεως, διεξάγεται μία σιωπηλή πάλη, πάλη διά τήν ἐπιβίωσιν, μεταξύ λευκῶν καί ἐγχρώμων.
ΓΙΟΧΑΝΝΕΣΜΠΟΥΡΓΚ, Μάϊος. Πολύ ὀλίγοι Εὐρωπαῖοι ἔχουν σήμερον ἐπίγνωσιν ὅτι ἐντός τῆς Νοτιοαφρικανικῆς Ἑνώσεως, διεξάγεται μία σιωπηλή πάλη, πάλη διά τήν ἐπιβίωσιν, μεταξύ λευκῶν καί ἐγχρώμων.
ΓΙΟΧΑΝΝΕΣΜΠΟΥΡΓΚ, Μάϊος. Πολύ ὀλίγοι Εὐρωπαῖοι ἔχουν σήμερον ἐπίγνωσιν ὅτι ἐντός τῆς Νοτιοαφρικανικῆς Ἑνώσεως, διεξάγεται μία σιωπηλή πάλη, πάλη διά τήν ἐπιβίωσιν, μεταξύ λευκῶν καί ἐγχρώμων.
Ο ΦΟΒΟΣ ΤΩΝ ΛΕΥΚΩΝ
ΓΙΟΧΑΝΝΕΣΜΠΟΥΡΓΚ, Μάϊος. Πολύ ὀλίγοι Εὐρωπαῖοι ἔχουν σήμερον ἐπίγνωσιν ὅτι ἐντός τῆς Νοτιοαφρικανικῆς Ἑνώσεως, διεξάγεται μία σιωπηλή πάλη, πάλη διά τήν ἐπιβίωσιν, μεταξύ λευκῶν καί ἐγχρώμων.
ΓΙΟΧΑΝΝΕΣΜΠΟΥΡΓΚ, Μάϊος. Πολύ ὀλίγοι Εὐρωπαῖοι ἔχουν σήμερον ἐπίγνωσιν ὅτι ἐντός τῆς Νοτιοαφρικανικῆς Ἑνώσεως, διεξάγεται μία σιωπηλή πάλη, πάλη διά τήν ἐπιβίωσιν, μεταξύ λευκῶν καί ἐγχρώμων.
ΤΟ ΕΘΝΙΚΟΝ ΚΟΜΜΑ
ΓΙΟΧΑΝΝΕΣΜΠΟΥΡΓΚ, Μάϊος. Πολύ ὀλίγοι Εὐρωπαῖοι ἔχουν σήμερον ἐπίγνωσιν ὅτι ἐντός τῆς Νοτιοαφρικανικῆς Ἑνώσεως, διεξάγεται μία σιωπηλή πάλη, πάλη διά τήν ἐπιβίωσιν, μεταξύ λευκῶν καί ἐγχρώμων.
ΓΙΟΧΑΝΝΕΣΜΠΟΥΡΓΚ, Μάϊος. Πολύ ὀλίγοι Εὐρωπαῖοι ἔχουν σήμερον ἐπίγνωσιν ὅτι ἐντός τῆς Νοτιοαφρικανικῆς Ἑνώσεως, διεξάγεται μία σιωπηλή πάλη, πάλη διά τήν ἐπιβίωσιν, μεταξύ λευκῶν καί ἐγχρώμων.
ΑΝΕΥ ΠΡΟΗΓΟΥΜΕΝΟΥ
ΓΙΟΧΑΝΝΕΣΜΠΟΥΡΓΚ, Μάϊος. Πολύ ὀλίγοι Εὐρωπαῖοι ἔχουν σήμερον ἐπίγνωσιν ὅτι ἐντός τῆς Νοτιοαφρικανικῆς Ἑνώσεως, διεξάγεται μία σιωπηλή πάλη, πάλη διά τήν ἐπιβίωσιν, μεταξύ λευκῶν καί ἐγχρώμων.
ΓΙΟΧΑΝΝΕΣΜΠΟΥΡΓΚ, Μάϊος. Πολύ ὀλίγοι Εὐρωπαῖοι ἔχουν σήμερον ἐπίγνωσιν ὅτι ἐντός τῆς Νοτιοαφρικανικῆς Ἑνώσεως, διεξάγεται μία σιωπηλή πάλη, πάλη διά τήν ἐπιβίωσιν, μεταξύ λευκῶν καί ἐγχρώμων.
ΑΠΟΛΥΤΟΣ ΕΓΚΛΗΜΑΤΙΚΟΤΗΣ
ΓΙΟΧΑΝΝΕΣΜΠΟΥΡΓΚ, Μάϊος. Πολύ ὀλίγοι Εὐρωπαῖοι ἔχουν σήμερον ἐπίγνωσιν ὅτι ἐντός τῆς Νοτιοαφρικανικῆς Ἑνώσεως, διεξάγεται μία σιωπηλή πάλη, πάλη διά τήν ἐπιβίωσιν, μεταξύ λευκῶν καί ἐγχρώμων.
ΓΙΟΧΑΝΝΕΣΜΠΟΥΡΓΚ, Μάϊος. Πολύ ὀλίγοι Εὐρωπαῖοι ἔχουν σήμερον ἐπίγνωσιν ὅτι ἐντός τῆς Νοτιοαφρικανικῆς Ἑνώσεως, διεξάγεται μία σιωπηλή πάλη, πάλη διά τήν ἐπιβίωσιν, μεταξύ λευκῶν καί ἐγχρώμων.
ΝΑΥΤΙΚΑΙ ΕΟΡΤΑΙ ΘΑ ΤΕΛΕΣΘΟΥΝ ΕΙΣ ΚΑΒΑΛΑ ΕΠΙ ΤΗ ΕΠΕΤΕΙΩ ΤΗΣ ΕΠΕΛΕΥΘΕΡΩΣΕΩΣ ΑΥΤΗΣ
ΓΙΟΧΑΝΝΕΣΜΠΟΥΡΓΚ, Μάϊος. Πολύ ὀλίγοι Εὐρωπαῖοι ἔχουν σήμερον ἐπίγνωσιν ὅτι ἐντός τῆς Νοτιοαφρικανικῆς Ἑνώσεως, διεξάγεται μία σιωπηλή πάλη, πάλη διά τήν ἐπιβίωσιν, μεταξύ λευκῶν καί ἐγχρώμων.
Ο ΠΑΠΑΤΖΑΝΕΤΕΑΣ
Τό ὑπό τοῦ ἱδρύματος ὁλοκληρωθέν ἔργον τῆς «Ἑταιρείας Μακεδονικῶν Σπουδῶν», τό ὁποῖον ἀφορᾷ τήν ἐπιμελημένην ἔκδοσιν τοῦ Ἀρχείου τοῦ Μακεδονικοῦ Ἀγῶνος, ἀποτελεῖ ἐθνικόν ἔργον πρώτης γραμμῆς.
Τό ὑπό τοῦ ἱδρύματος ὁλοκληρωθέν ἔργον τῆς «Ἑταιρείας Μακεδονικῶν Σπουδῶν», τό ὁποῖον ἀφορᾷ τήν ἐπιμελημένην ἔκδοσιν τοῦ Ἀρχείου τοῦ Μακεδονικοῦ Ἀγῶνος, ἀποτελεῖ ἐθνικόν ἔργον πρώτης γραμμῆς.
Τό ὑπό τοῦ ἱδρύματος ὁλοκληρωθέν ἔργον τῆς «Ἑταιρείας Μακεδονικῶν Σπουδῶν», τό ὁποῖον ἀφορᾷ τήν ἐπιμελημένην ἔκδοσιν τοῦ Ἀρχείου τοῦ Μακεδονικοῦ Ἀγῶνος, ἀποτελεῖ ἐθνικόν ἔργον πρώτης γραμμῆς.
ΚΑΚΟΥΛΑΙΔΗΣ ΚΑΙ ΠΑΠΑΔΡΑΚΟΣ
Τό ὑπό τοῦ ἱδρύματος ὁλοκληρωθέν ἔργον τῆς «Ἑταιρείας Μακεδονικῶν Σπουδῶν», τό ὁποῖον ἀφορᾷ τήν ἐπιμελημένην ἔκδοσιν τοῦ Ἀρχείου τοῦ Μακεδονικοῦ Ἀγῶνος, ἀποτελεῖ ἐθνικόν ἔργον πρώτης γραμμῆς.
Τό ὑπό τοῦ ἱδρύματος ὁλοκληρωθέν ἔργον τῆς «Ἑταιρείας Μακεδονικῶν Σπουδῶν», τό ὁποῖον ἀφορᾷ τήν ἐπιμελημένην ἔκδοσιν τοῦ Ἀρχείου τοῦ Μακεδονικοῦ Ἀγῶνος, ἀποτελεῖ ἐθνικόν ἔργον πρώτης γραμμῆς.
ΓΙΟΧΑΝΝΕΣΜΠΟΥΡΓΚ, Μάϊος. Πολύ ὀλίγοι Εὐρωπαῖοι ἔχουν σήμερον ἐπίγνωσιν ὅτι ἐντός τῆς Νοτιοαφρικανικῆς Ἑνώσεως, διεξάγεται μία σιωπηλή πάλη, πάλη διά τήν ἐπιβίωσιν, μεταξύ λευκῶν καί ἐγχρώμων.
ΑΙ ΕΛΛΕΙΨΕΙΣ ΤΟΥ ΑΡΧΕΙΟΥ
Τό ὑπό τοῦ ἱδρύματος ὁλοκληρωθέν ἔργον τῆς «Ἑταιρείας Μακεδονικῶν Σπουδῶν», τό ὁποῖον ἀφορᾷ τήν ἐπιμελημένην ἔκδοσιν τοῦ Ἀρχείου τοῦ Μακεδονικοῦ Ἀγῶνος, ἀποτελεῖ ἐθνικόν ἔργον πρώτης γραμμῆς.
Τό ὑπό τοῦ ἱδρύματος ὁλοκληρωθέν ἔργον τῆς «Ἑταιρείας Μακεδονικῶν Σπουδῶν», τό ὁποῖον ἀφορᾷ τήν ἐπιμελημένην ἔκδοσιν τοῦ Ἀρχείου τοῦ Μακεδονικοῦ Ἀγῶνος, ἀποτελεῖ ἐθνικόν ἔργον πρώτης γραμμῆς.
ΣΥΛΛΟΓΑΙ
Τό ὑπό τοῦ ἱδρύματος ὁλοκληρωθέν ἔργον τῆς «Ἑταιρείας Μακεδονικῶν Σπουδῶν», τό ὁποῖον ἀφορᾷ τήν ἐπιμελημένην ἔκδοσιν τοῦ Ἀρχείου τοῦ Μακεδονικοῦ Ἀγῶνος, ἀποτελεῖ ἐθνικόν ἔργον πρώτης γραμμῆς.
Τό ὑπό τοῦ ἱδρύματος ὁλοκληρωθέν ἔργον τῆς «Ἑταιρείας Μακεδονικῶν Σπουδῶν», τό ὁποῖον ἀφορᾷ τήν ἐπιμελημένην ἔκδοσιν τοῦ Ἀρχείου τοῦ Μακεδονικοῦ Ἀγῶνος, ἀποτελεῖ ἐθνικόν ἔργον πρώτης γραμμῆς.
ΒΑΣ. ΛΑΟΥΡΔΑΣ
Ἡ δημοσίευσις του ἀποτελεῖ ἐθνικὸν ἔργον
Τό ὑπό τοῦ ἱδρύματος ὁλοκληρωθέν ἔργον τῆς «Ἑταιρείας Μακεδονικῶν Σπουδῶν», τό ὁποῖον ἀφορᾷ τήν ἐπιμελημένην ἔκδοσιν τοῦ Ἀρχείου τοῦ Μακεδονικοῦ Ἀγῶνος, ἀποτελεῖ ἐθνικόν ἔργον πρώτης γραμμῆς.
Τό ὑπό τοῦ ἱδρύματος ὁλοκληρωθέν ἔργον τῆς «Ἑταιρείας Μακεδονικῶν Σπουδῶν», τό ὁποῖον ἀφορᾷ τήν ἐπιμελημένην ἔκδοσιν τοῦ Ἀρχείου τοῦ Μακεδονικοῦ Ἀγῶνος, ἀποτελεῖ ἐθνικόν ἔργον πρώτης γραμμῆς.
Τό ὑπό τοῦ ἱδρύματος ὁλοκληρωθέν ἔργον τῆς «Ἑταιρείας Μακεδονικῶν Σπουδῶν», τό ὁποῖον ἀφορᾷ τήν ἐπιμελημένην ἔκδοσιν τοῦ Ἀρχείου τοῦ Μακεδονικοῦ Ἀγῶνος, ἀποτελεῖ ἐθνικόν ἔργον πρώτης γραμμῆς.
ΠΩΣ ΕΣΧΗΜΑΤΙΣΘΗ ΚΑΙ ΤΙ ΠΕΡΙΕΧΕΙ
ΤΟ «ΑΡΧΕΙΟΝ ΜΑΚΕΔΟΝΙΚΟΥ ΑΓΩΝΟΣ»
Αἱ πολυετεῖς καί ἐπίμονοι ἔρευναι τῆς Πηνελόπης Δέλτα.— Τό κατόρθωσε μέ πολλούς κόπους καί πολλάς δαπάνας.— Τί εἶχε δημοσιευθῆ καί τί χρειάζεται νά γίνῃ.— Ὁ Γερμανός Καραβαγγέλης, ὁ Δίκωνυμος Μακρῆς, ὁ Παπατζανετέας, ὁ Κακουλίδης, ὁ Παπαδράκος ἀφηγοῦνται τάς ἀναμνήσεις των.
ΤΟΥ ΣΥΝΕΡΓΑΤΟΥ ΤΗΣ «ΜΑΚΕΔΟΝΙΑΣ» κ. ΒΑΣ. ΛΑΟΥΡΔΑ
Τό ὑπό τοῦ ἱδρύματος ὁλοκληρωθέν ἔργον τῆς «Ἑταιρείας Μακεδονικῶν Σπουδῶν», τό ὁποῖον ἀφορᾷ τήν ἐπιμελημένην ἔκδοσιν τοῦ Ἀρχείου τοῦ Μακεδονικοῦ Ἀγῶνος, ἀποτελεῖ ἐθνικόν ἔργον πρώτης γραμμῆς.
ΤΑ ΑΠΟΜΝΗΜΟΝΕΥΜΑΤΑ
Τό ὑπό τοῦ ἱδρύματος ὁλοκληρωθέν ἔργον τῆς «Ἑταιρείας Μακεδονικῶν Σπουδῶν», τό ὁποῖον ἀφορᾷ τήν ἐπιμελημένην ἔκδοσιν τοῦ Ἀρχείου τοῦ Μακεδονικοῦ Ἀγῶνος, ἀποτελεῖ ἐθνικόν ἔργον πρώτης γραμμῆς.
Τό ὑπό τοῦ ἱδρύματος ὁλοκληρωθέν ἔργον τῆς «Ἑταιρείας Μακεδονικῶν Σπουδῶν», τό ὁποῖον ἀφορᾷ τήν ἐπιμελημένην ἔκδοσιν τοῦ Ἀρχείου τοῦ Μακεδονικοῦ Ἀγῶνος, ἀποτελεῖ ἐθνικόν ἔργον πρώτης γραμμῆς.
ΣΠΟΥΔΑΙΟΤΑΤΟΝ ΑΡΧΕΙΟΝ
Τό ὑπό τοῦ ἱδρύματος ὁλοκληρωθέν ἔργον τῆς «Ἑταιρείας Μακεδονικῶν Σπουδῶν», τό ὁποῖον ἀφορᾷ τήν ἐπιμελημένην ἔκδοσιν τοῦ Ἀρχείου τοῦ Μακεδονικοῦ Ἀγῶνος, ἀποτελεῖ ἐθνικόν ἔργον πρώτης γραμμῆς.
Τό ὑπό τοῦ ἱδρύματος ὁλοκληρωθέν ἔργον τῆς «Ἑταιρείας Μακεδονικῶν Σπουδῶν», τό ὁποῖον ἀφορᾷ τήν ἐπιμελημένην ἔκδοσιν τοῦ Ἀρχείου τοῦ Μακεδονικοῦ Ἀγῶνος, ἀποτελεῖ ἐθνικόν ἔργον πρώτης γραμμῆς.
ΚΑΡΑΒΑΓΓΕΛΗΣ
Τό ὑπό τοῦ ἱδρύματος ὁλοκληρωθέν ἔργον τῆς «Ἑταιρείας Μακεδονικῶν Σπουδῶν», τό ὁποῖον ἀφορᾷ τήν ἐπιμελημένην ἔκδοσιν τοῦ Ἀρχείου τοῦ Μακεδονικοῦ Ἀγῶνος, ἀποτελεῖ ἐθνικόν ἔργον πρώτης γραμμῆς.
Τό ὑπό τοῦ ἱδρύματος ὁλοκληρωθέν ἔργον τῆς «Ἑταιρείας Μακεδονικῶν Σπουδῶν», τό ὁποῖον ἀφορᾷ τήν ἐπιμελημένην ἔκδοσιν τοῦ Ἀρχείου τοῦ Μακεδονικοῦ Ἀγῶνος, ἀποτελεῖ ἐθνικόν ἔργον πρώτης γραμμῆς.
Ο ΔΙΚΩΝΥΜΟΣ ΜΑΚΡΗΣ
Τό ὑπό τοῦ ἱδρύματος ὁλοκληρωθέν ἔργον τῆς «Ἑταιρείας Μακεδονικῶν Σπουδῶν», τό ὁποῖον ἀφορᾷ τήν ἐπιμελημένην ἔκδοσιν τοῦ Ἀρχείου τοῦ Μακεδονικοῦ Ἀγῶνος, ἀποτελεῖ ἐθνικόν ἔργον πρώτης γραμμῆς.
Τό ὑπό τοῦ ἱδρύματος ὁλοκληρωθέν ἔργον τῆς «Ἑταιρείας Μακεδονικῶν Σπουδῶν», τό ὁποῖον ἀφορᾷ τήν ἐπιμελημένην ἔκδοσιν τοῦ Ἀρχείου τοῦ Μακεδονικοῦ Ἀγῶνος, ἀποτελεῖ ἐθνικόν ἔργον πρώτης γραμμῆς.
Τό ὑπό τοῦ ἱδρύματος ὁλοκληρωθέν ἔργον τῆς «Ἑταιρείας Μακεδονικῶν Σπουδῶν», τό ὁποῖον ἀφορᾷ τήν ἐπιμελημένην ἔκδοσιν τοῦ Ἀρχείου τοῦ Μακεδονικοῦ Ἀγῶνος, ἀποτελεῖ ἐθνικόν ἔργον πρώτης γραμμῆς.
Τό ὑπό τοῦ ἱδρύματος ὁλοκληρωθέν ἔργον τῆς «Ἑταιρείας Μακεδονικῶν Σπουδῶν», τό ὁποῖον ἀφορᾷ τήν ἐπιμελημένην ἔκδοσιν τοῦ Ἀρχείου τοῦ Μακεδονικοῦ Ἀγῶνος, ἀποτελεῖ ἐθνικόν ἔργον πρώτης γραμμῆς.
Τό ὑπό τοῦ ἱδρύματος ὁλοκληρωθέν ἔργον τῆς «Ἑταιρείας Μακεδονικῶν Σπουδῶν», τό ὁποῖον ἀφορᾷ τήν ἐπιμελημένην ἔκδοσιν τοῦ Ἀρχείου τοῦ Μακεδονικοῦ Ἀγῶνος, ἀποτελεῖ ἐθνικόν ἔργον πρώτης γραμμῆς.
Τό ὑπό τοῦ ἱδρύματος ὁλοκληρωθέν ἔργον τῆς «Ἑταιρείας Μακεδονικῶν Σπουδῶν», τό ὁποῖον ἀφορᾷ τήν ἐπιμελημένην ἔκδοσιν τοῦ Ἀρχείου τοῦ Μακεδονικοῦ Ἀγῶνος, ἀποτελεῖ ἐθνικόν ἔργον πρώτης γραμμῆς.
